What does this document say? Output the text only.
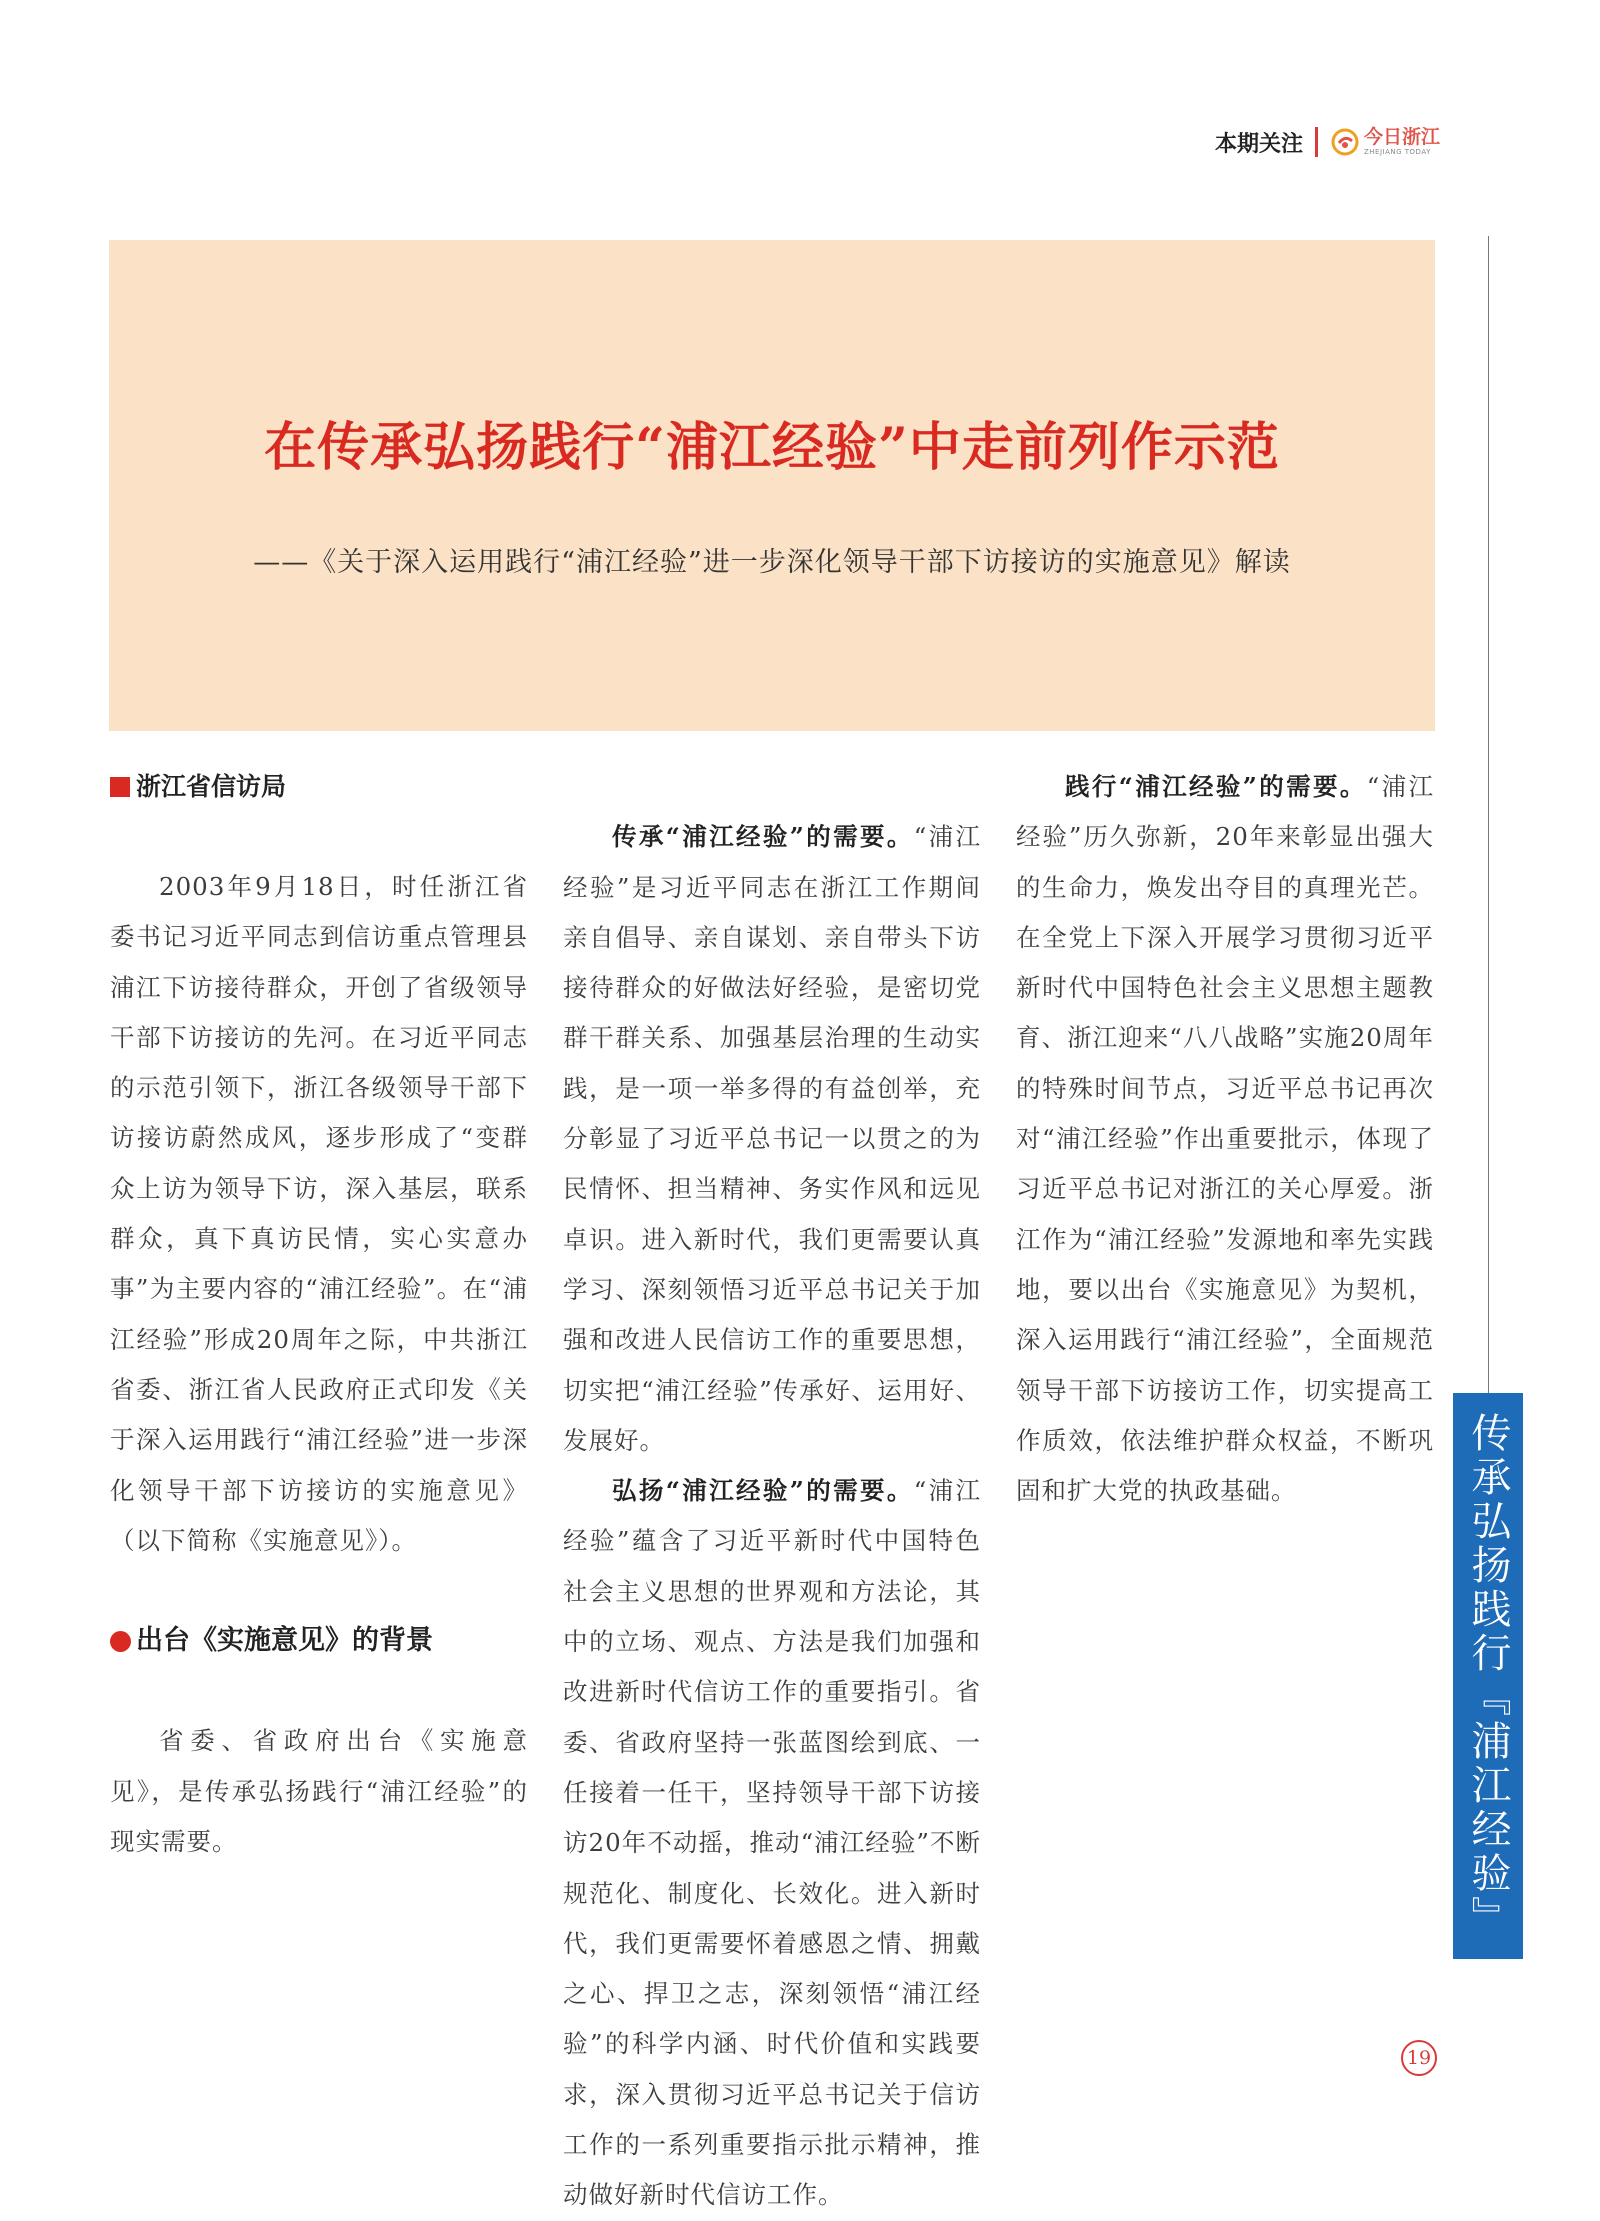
本期关注	今日浙江
ZHEJIANG TODAY
在传承弘扬践行“浦江经验”中走前列作示范
——《关于深入运用践行“浦江经验”进一步深化领导干部下访接访的实施意见》解读
浙江省信访局

2003年9月18日，时任浙江省委书记习近平同志到信访重点管理县浦江下访接待群众，开创了省级领导干部下访接访的先河。在习近平同志的示范引领下，浙江各级领导干部下访接访蔚然成风，逐步形成了“变群众上访为领导下访，深入基层，联系群众，真下真访民情，实心实意办事”为主要内容的“浦江经验”。在“浦江经验”形成20周年之际，中共浙江省委、浙江省人民政府正式印发《关于深入运用践行“浦江经验”进一步深化领导干部下访接访的实施意见》（以下简称《实施意见》）。

出台《实施意见》的背景

省委、省政府出台《实施意见》，是传承弘扬践行“浦江经验”的现实需要。

传承“浦江经验”的需要。“浦江经验”是习近平同志在浙江工作期间亲自倡导、亲自谋划、亲自带头下访接待群众的好做法好经验，是密切党群干群关系、加强基层治理的生动实践，是一项一举多得的有益创举，充分彰显了习近平总书记一以贯之的为民情怀、担当精神、务实作风和远见卓识。进入新时代，我们更需要认真学习、深刻领悟习近平总书记关于加强和改进人民信访工作的重要思想，切实把“浦江经验”传承好、运用好、发展好。

弘扬“浦江经验”的需要。“浦江经验”蕴含了习近平新时代中国特色社会主义思想的世界观和方法论，其中的立场、观点、方法是我们加强和改进新时代信访工作的重要指引。省委、省政府坚持一张蓝图绘到底、一任接着一任干，坚持领导干部下访接访20年不动摇，推动“浦江经验”不断规范化、制度化、长效化。进入新时代，我们更需要怀着感恩之情、拥戴之心、捍卫之志，深刻领悟“浦江经验”的科学内涵、时代价值和实践要求，深入贯彻习近平总书记关于信访工作的一系列重要指示批示精神，推动做好新时代信访工作。

践行“浦江经验”的需要。“浦江经验”历久弥新，20年来彰显出强大的生命力，焕发出夺目的真理光芒。在全党上下深入开展学习贯彻习近平新时代中国特色社会主义思想主题教育、浙江迎来“八八战略”实施20周年的特殊时间节点，习近平总书记再次对“浦江经验”作出重要批示，体现了习近平总书记对浙江的关心厚爱。浙江作为“浦江经验”发源地和率先实践地，要以出台《实施意见》为契机，深入运用践行“浦江经验”，全面规范领导干部下访接访工作，切实提高工作质效，依法维护群众权益，不断巩固和扩大党的执政基础。	传承弘扬践行『浦江经验』
19
